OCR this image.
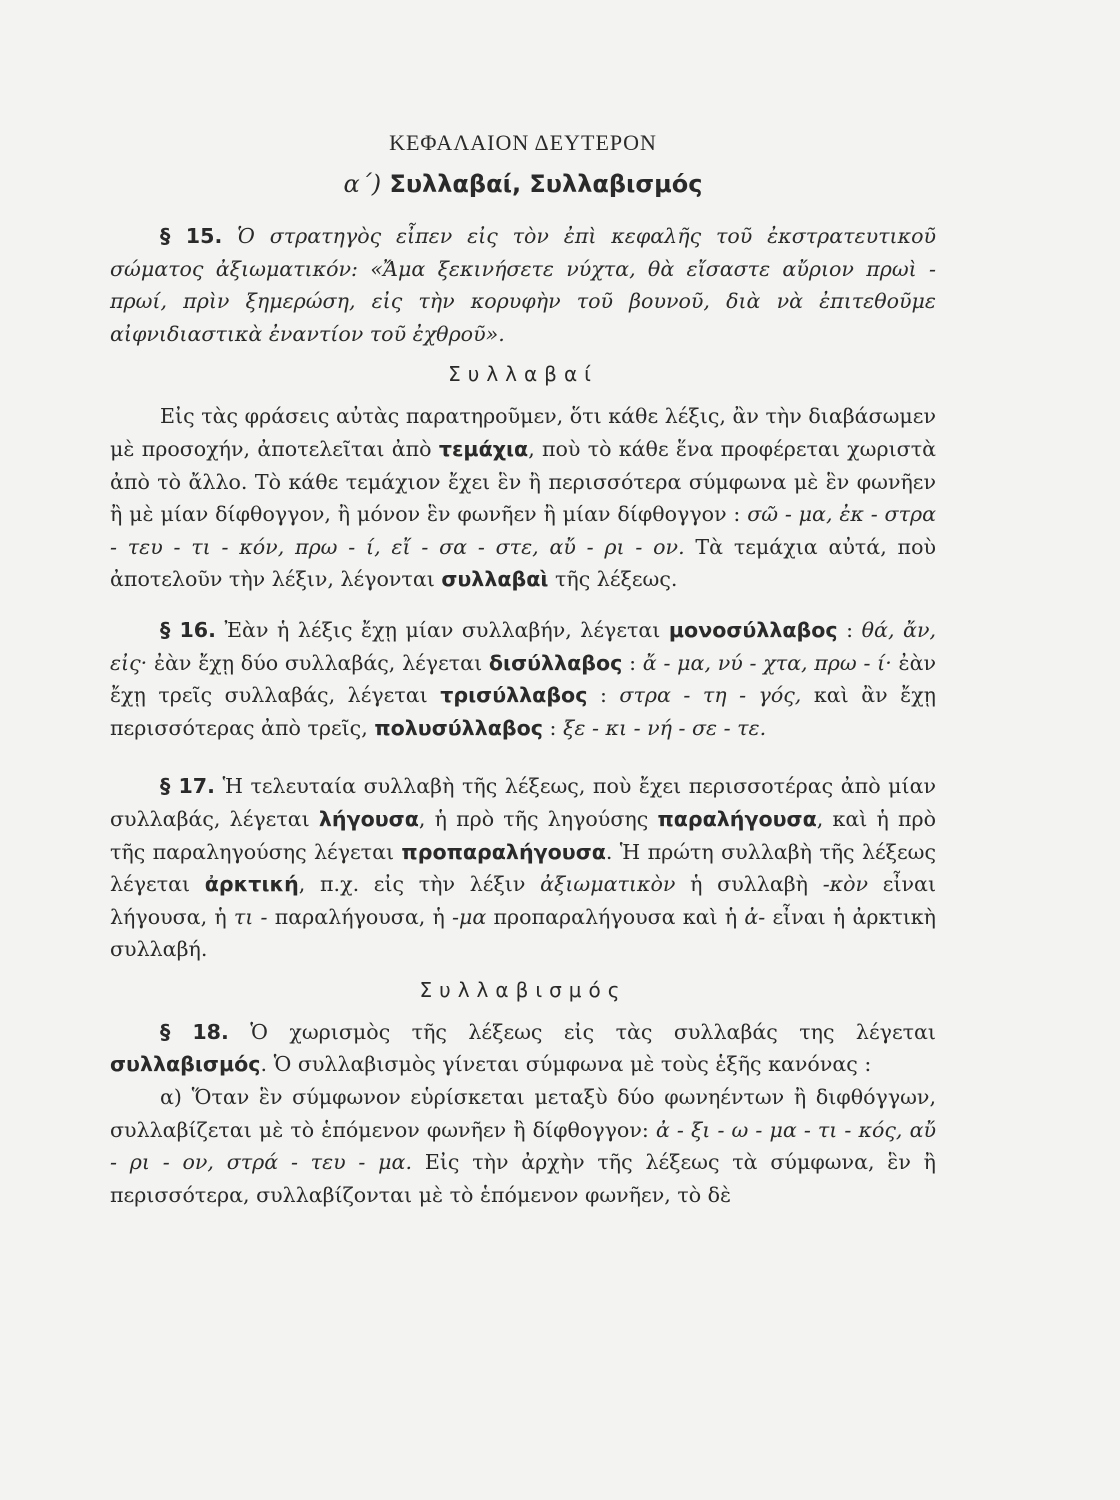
ΚΕΦΑΛΑΙΟΝ ΔΕΥΤΕΡΟΝ
α΄) Συλλαβαί, Συλλαβισμός

§ 15. Ὁ στρατηγὸς εἶπεν εἰς τὸν ἐπὶ κεφαλῆς τοῦ ἐκστρατευτικοῦ σώματος ἀξιωματικόν: «Ἄμα ξεκινήσετε νύχτα, θὰ εἴσαστε αὔριον πρωὶ - πρωί, πρὶν ξημερώση, εἰς τὴν κορυφὴν τοῦ βουνοῦ, διὰ νὰ ἐπιτεθοῦμε αἰφνιδιαστικὰ ἐναντίον τοῦ ἐχθροῦ».

Συλλαβαί

Εἰς τὰς φράσεις αὐτὰς παρατηροῦμεν, ὅτι κάθε λέξις, ἂν τὴν διαβάσωμεν μὲ προσοχήν, ἀποτελεῖται ἀπὸ τεμάχια, ποὺ τὸ κάθε ἕνα προφέρεται χωριστὰ ἀπὸ τὸ ἄλλο. Τὸ κάθε τεμάχιον ἔχει ἓν ἢ περισσότερα σύμφωνα μὲ ἓν φωνῆεν ἢ μὲ μίαν δίφθογγον, ἢ μόνον ἓν φωνῆεν ἢ μίαν δίφθογγον : σῶ - μα, ἐκ - στρα - τευ - τι - κόν, πρω - ί, εἴ - σα - στε, αὔ - ρι - ον. Τὰ τεμάχια αὐτά, ποὺ ἀποτελοῦν τὴν λέξιν, λέγονται συλλαβαὶ τῆς λέξεως.

§ 16. Ἐὰν ἡ λέξις ἔχῃ μίαν συλλαβήν, λέγεται μονοσύλλαβος : θά, ἄν, εἰς· ἐὰν ἔχῃ δύο συλλαβάς, λέγεται δισύλλαβος : ἄ - μα, νύ - χτα, πρω - ί· ἐὰν ἔχῃ τρεῖς συλλαβάς, λέγεται τρισύλλαβος : στρα - τη - γός, καὶ ἂν ἔχῃ περισσότερας ἀπὸ τρεῖς, πολυσύλλαβος : ξε - κι - νή - σε - τε.

§ 17. Ἡ τελευταία συλλαβὴ τῆς λέξεως, ποὺ ἔχει περισσοτέρας ἀπὸ μίαν συλλαβάς, λέγεται λήγουσα, ἡ πρὸ τῆς ληγούσης παραλήγουσα, καὶ ἡ πρὸ τῆς παραληγούσης λέγεται προπαραλήγουσα. Ἡ πρώτη συλλαβὴ τῆς λέξεως λέγεται ἀρκτική, π.χ. εἰς τὴν λέξιν ἀξιωματικὸν ἡ συλλαβὴ -κὸν εἶναι λήγουσα, ἡ τι - παραλήγουσα, ἡ -μα προπαραλήγουσα καὶ ἡ ἀ- εἶναι ἡ ἀρκτικὴ συλλαβή.

Συλλαβισμός

§ 18. Ὁ χωρισμὸς τῆς λέξεως εἰς τὰς συλλαβάς της λέγεται συλλαβισμός. Ὁ συλλαβισμὸς γίνεται σύμφωνα μὲ τοὺς ἑξῆς κανόνας :

α) Ὅταν ἓν σύμφωνον εὑρίσκεται μεταξὺ δύο φωνηέντων ἢ διφθόγγων, συλλαβίζεται μὲ τὸ ἑπόμενον φωνῆεν ἢ δίφθογγον: ἀ - ξι - ω - μα - τι - κός, αὔ - ρι - ον, στρά - τευ - μα. Εἰς τὴν ἀρχὴν τῆς λέξεως τὰ σύμφωνα, ἓν ἢ περισσότερα, συλλαβίζονται μὲ τὸ ἑπόμενον φωνῆεν, τὸ δὲ
